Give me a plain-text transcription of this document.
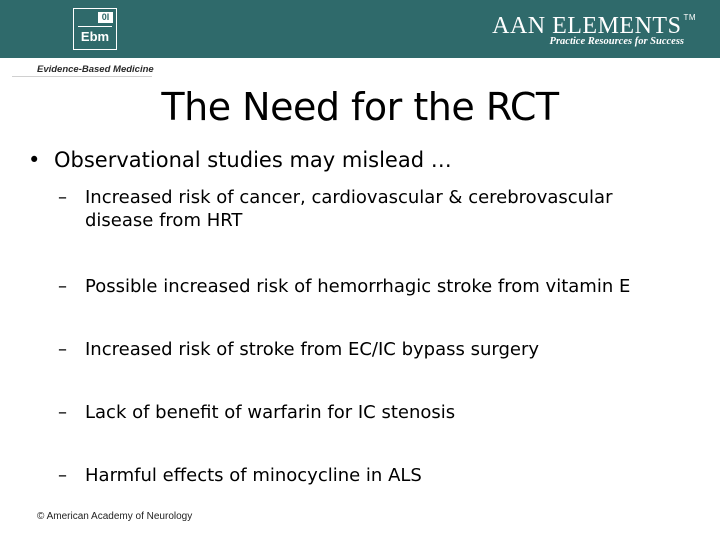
0I
Ebm	AAN ELEMENTS ™
Practice Resources for Success
Evidence-Based Medicine
The Need for the RCT
• Observational studies may mislead …
–	Increased risk of cancer, cardiovascular & cerebrovascular disease from HRT
–	Possible increased risk of hemorrhagic stroke from vitamin E
–	Increased risk of stroke from EC/IC bypass surgery
–	Lack of benefit of warfarin for IC stenosis
–	Harmful effects of minocycline in ALS
© American Academy of Neurology
